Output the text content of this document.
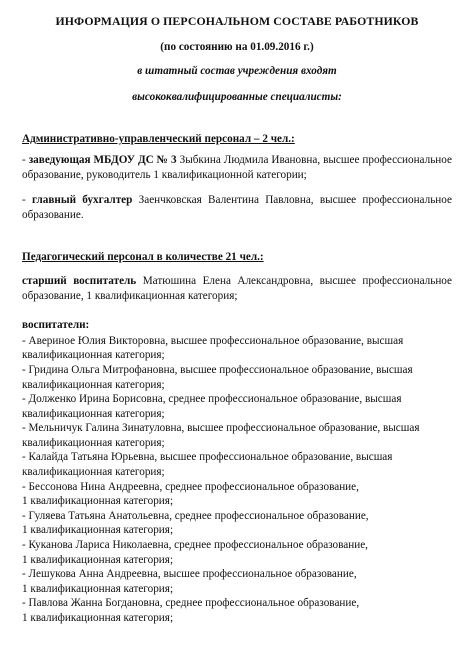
ИНФОРМАЦИЯ О ПЕРСОНАЛЬНОМ СОСТАВЕ РАБОТНИКОВ
(по состоянию на 01.09.2016 г.)
в штатный состав учреждения входят
высококвалифицированные специалисты:
Административно-управленческий персонал – 2 чел.:
- заведующая МБДОУ ДС № 3 Зыбкина Людмила Ивановна, высшее профессиональное образование, руководитель 1 квалификационной категории;
- главный бухгалтер Заенчковская Валентина Павловна, высшее профессиональное образование.
Педагогический персонал в количестве 21 чел.:
старший воспитатель Матюшина Елена Александровна, высшее профессиональное образование, 1 квалификационная категория;
воспитатели:
- Авериное Юлия Викторовна, высшее профессиональное образование, высшая
квалификационная категория;
- Гридина Ольга Митрофановна, высшее профессиональное образование, высшая
квалификационная категория;
- Долженко Ирина Борисовна, среднее профессиональное образование, высшая
квалификационная категория;
- Мельничук Галина Зинатуловна, высшее профессиональное образование, высшая
квалификационная категория;
- Калайда Татьяна Юрьевна, высшее профессиональное образование, высшая
квалификационная категория;
- Бессонова Нина Андреевна, среднее профессиональное образование,
1 квалификационная категория;
- Гуляева Татьяна Анатольевна, среднее профессиональное образование,
1 квалификационная категория;
- Куканова Лариса Николаевна, среднее профессиональное образование,
1 квалификационная категория;
- Лешукова Анна Андреевна, высшее профессиональное образование,
1 квалификационная категория;
- Павлова Жанна Богдановна, среднее профессиональное образование,
1 квалификационная категория;
